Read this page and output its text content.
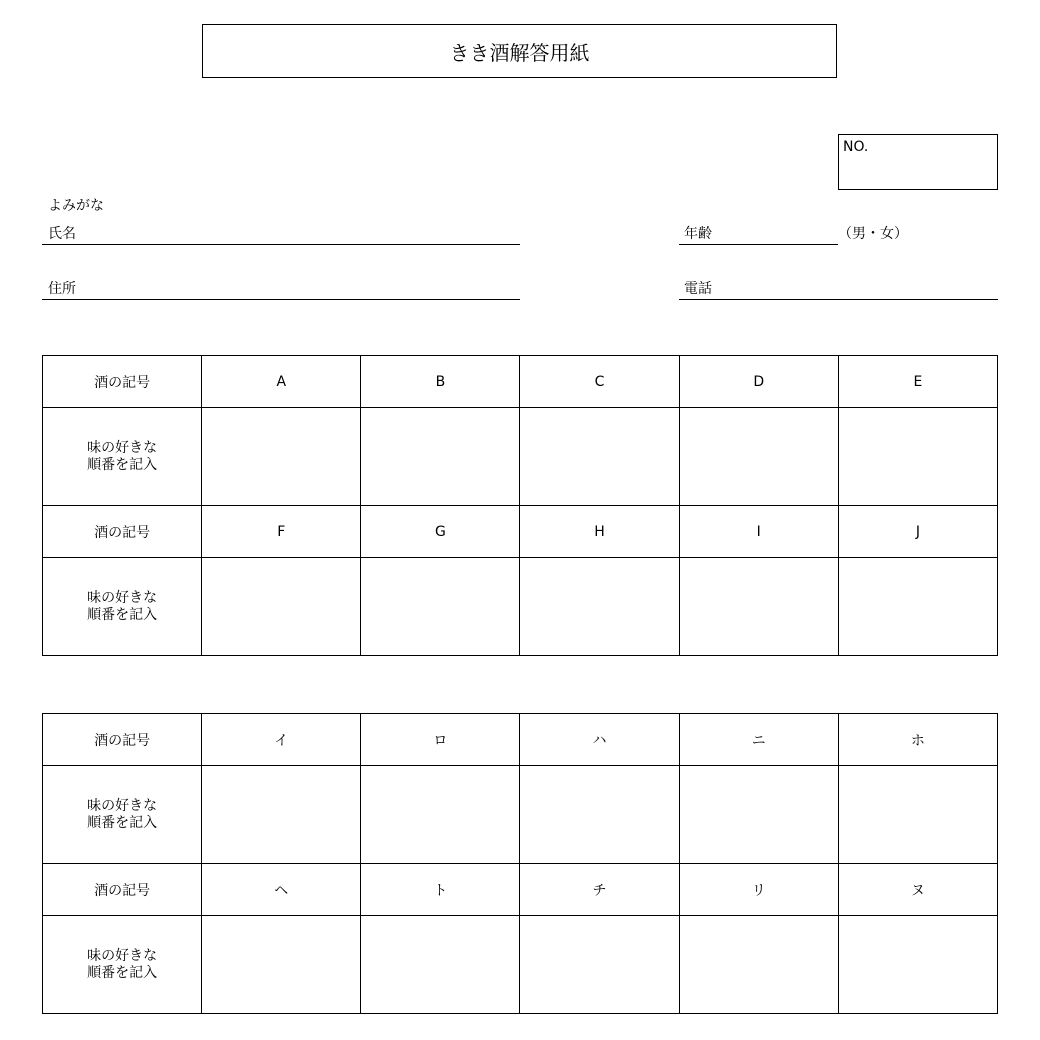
きき酒解答用紙
NO.
よみがな
氏名	年齢	（男・女）
住所	電話
酒の記号	A	B	C	D	E
味の好きな
順番を記入					
酒の記号	F	G	H	I	J
味の好きな
順番を記入					
酒の記号	イ	ロ	ハ	ニ	ホ
味の好きな
順番を記入					
酒の記号	ヘ	ト	チ	リ	ヌ
味の好きな
順番を記入					
